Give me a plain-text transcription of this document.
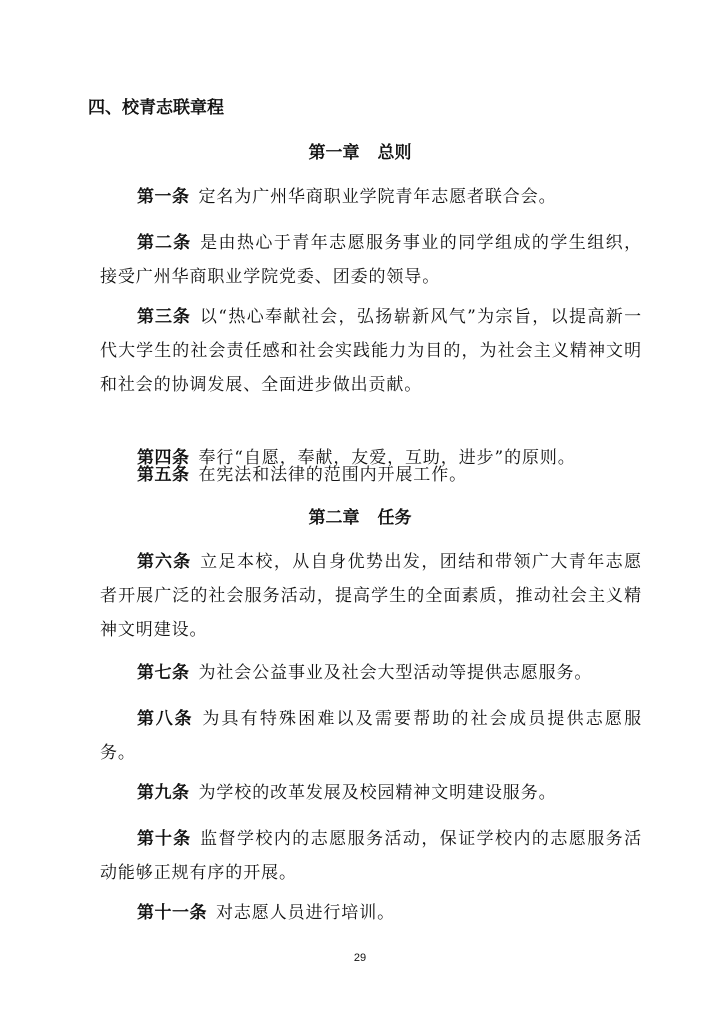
四、校青志联章程
第一章 总则

第一条 定名为广州华商职业学院青年志愿者联合会。

第二条 是由热心于青年志愿服务事业的同学组成的学生组织，接受广州华商职业学院党委、团委的领导。

第三条 以“热心奉献社会，弘扬崭新风气”为宗旨，以提高新一代大学生的社会责任感和社会实践能力为目的，为社会主义精神文明和社会的协调发展、全面进步做出贡献。

第四条 奉行“自愿，奉献，友爱，互助，进步”的原则。

第五条 在宪法和法律的范围内开展工作。

第二章 任务

第六条 立足本校，从自身优势出发，团结和带领广大青年志愿者开展广泛的社会服务活动，提高学生的全面素质，推动社会主义精神文明建设。

第七条 为社会公益事业及社会大型活动等提供志愿服务。

第八条 为具有特殊困难以及需要帮助的社会成员提供志愿服务。

第九条 为学校的改革发展及校园精神文明建设服务。

第十条 监督学校内的志愿服务活动，保证学校内的志愿服务活动能够正规有序的开展。

第十一条 对志愿人员进行培训。

29
